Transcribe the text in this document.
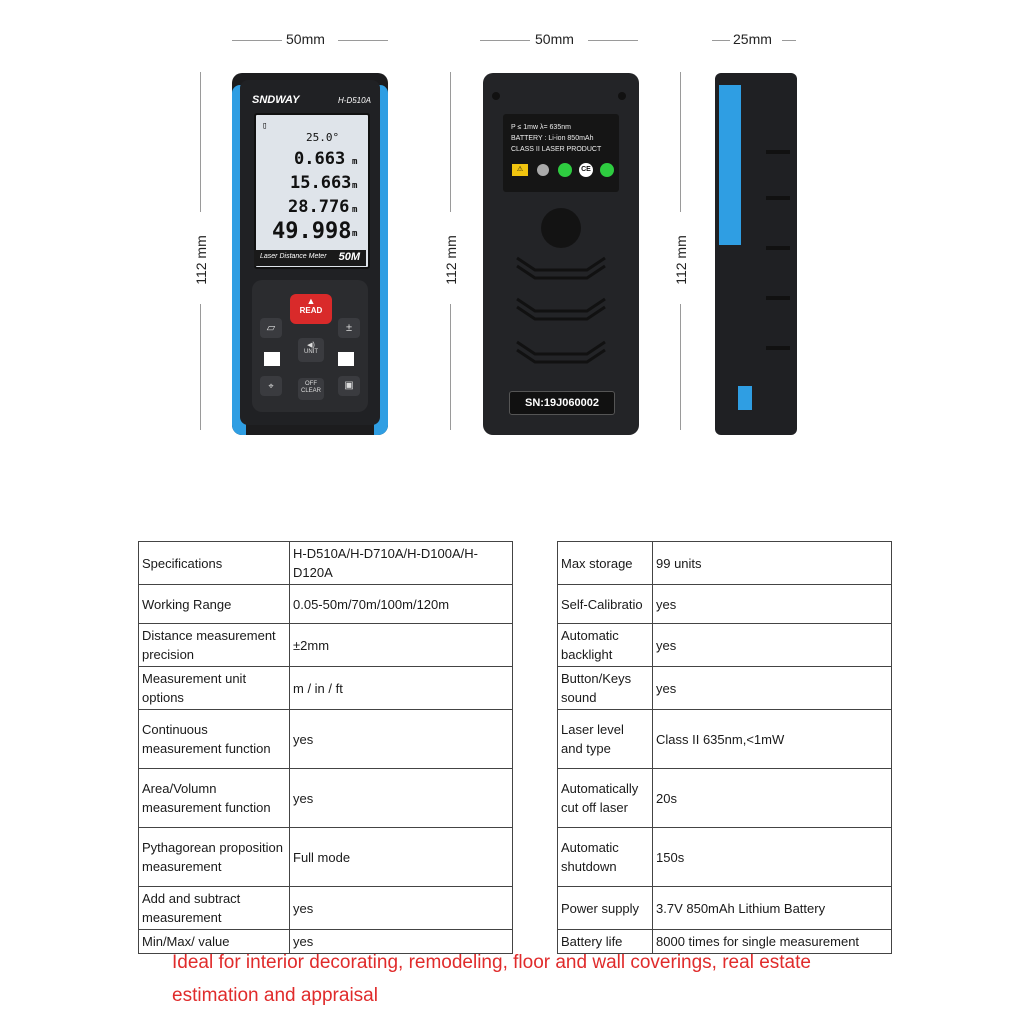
50mm	50mm	25mm
112 mm	112 mm	112 mm
SNDWAY	H-D510A
▯
25.0°
0.663
15.663
28.776
49.998
m
m
m
m
Laser Distance Meter 50M
▲
READ
▱	±
◀)
UNIT
⌖	▣
OFF CLEAR
P ≤ 1mw λ= 635nm
BATTERY : Li-ion 850mAh
CLASS II LASER PRODUCT
⚠	CE
SN:19J060002
Specifications	H-D510A/H-D710A/H-D100A/H-D120A		Max storage	99 units
Working Range	0.05-50m/70m/100m/120m		Self-Calibratio	yes
Distance measurement precision	±2mm		Automatic backlight	yes
Measurement unit options	m / in / ft		Button/Keys sound	yes
Continuous measurement function	yes		Laser level and type	Class II 635nm,<1mW
Area/Volumn measurement function	yes		Automatically cut off laser	20s
Pythagorean proposition measurement	Full mode		Automatic shutdown	150s
Add and subtract measurement	yes		Power supply	3.7V 850mAh Lithium Battery
Min/Max/ value	yes		Battery life	8000 times for single measurement
Ideal for interior decorating, remodeling, floor and wall coverings, real estate estimation and appraisal
